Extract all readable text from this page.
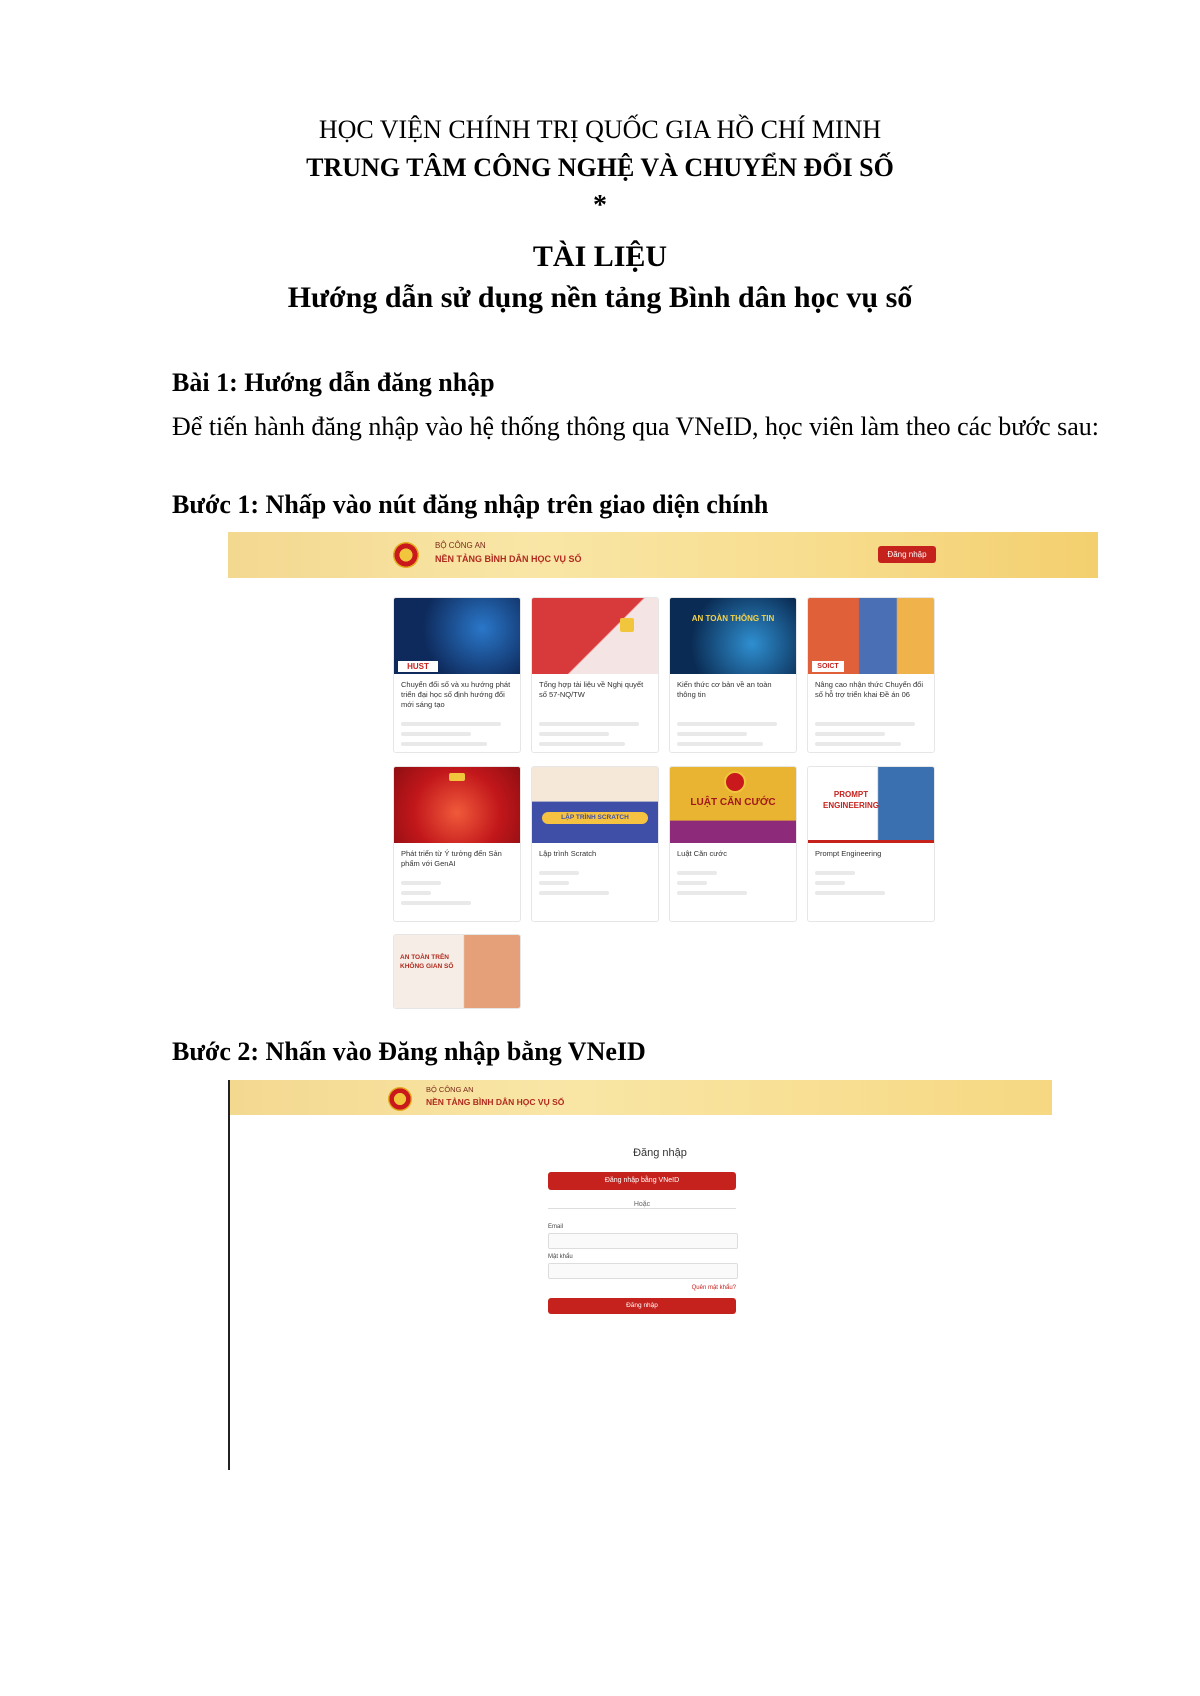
HỌC VIỆN CHÍNH TRỊ QUỐC GIA HỒ CHÍ MINH
TRUNG TÂM CÔNG NGHỆ VÀ CHUYỂN ĐỔI SỐ
*
TÀI LIỆU
Hướng dẫn sử dụng nền tảng Bình dân học vụ số
Bài 1: Hướng dẫn đăng nhập
Để tiến hành đăng nhập vào hệ thống thông qua VNeID, học viên làm theo các bước sau:
Bước 1: Nhấp vào nút đăng nhập trên giao diện chính
BỘ CÔNG AN
NỀN TẢNG BÌNH DÂN HỌC VỤ SỐ	Đăng nhập
HUST
Chuyển đổi số và xu hướng phát triển đại học số định hướng đổi mới sáng tạo
Tổng hợp tài liệu về Nghị quyết số 57-NQ/TW
AN TOÀN THÔNG TIN
Kiến thức cơ bản về an toàn thông tin
SOICT
Nâng cao nhận thức Chuyển đổi số hỗ trợ triển khai Đề án 06
Phát triển từ Ý tưởng đến Sản phẩm với GenAI
LẬP TRÌNH SCRATCH
Lập trình Scratch
LUẬT CĂN CƯỚC
Luật Căn cước
PROMPT ENGINEERING
Prompt Engineering
AN TOÀN TRÊN KHÔNG GIAN SỐ
Bước 2: Nhấn vào Đăng nhập bằng VNeID
BỘ CÔNG AN
NỀN TẢNG BÌNH DÂN HỌC VỤ SỐ
Đăng nhập
Đăng nhập bằng VNeID
Hoặc
Email
Mật khẩu
Quên mật khẩu?
Đăng nhập
